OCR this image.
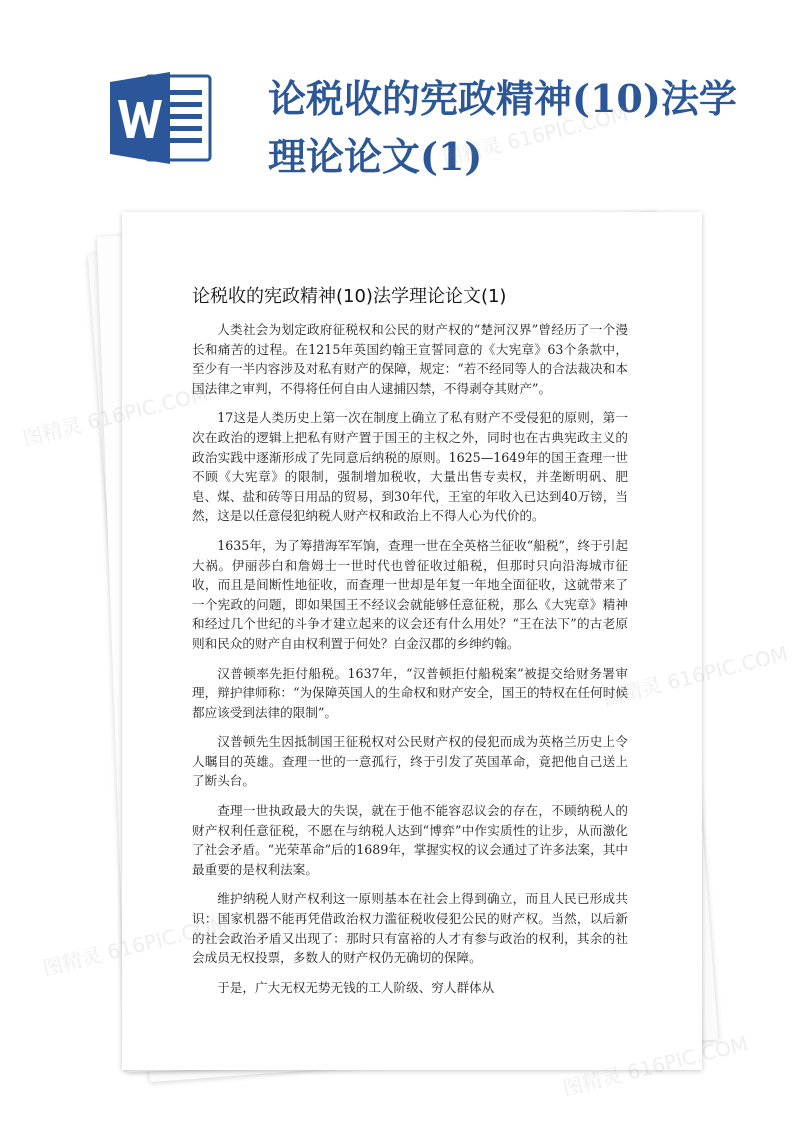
论税收的宪政精神(10)法学理论论文(1)
论税收的宪政精神(10)法学理论论文(1)

人类社会为划定政府征税权和公民的财产权的“楚河汉界”曾经历了一个漫长和痛苦的过程。在1215年英国约翰王宣誓同意的《大宪章》63个条款中，至少有一半内容涉及对私有财产的保障，规定：“若不经同等人的合法裁决和本国法律之审判，不得将任何自由人逮捕囚禁，不得剥夺其财产”。

17这是人类历史上第一次在制度上确立了私有财产不受侵犯的原则，第一次在政治的逻辑上把私有财产置于国王的主权之外，同时也在古典宪政主义的政治实践中逐渐形成了先同意后纳税的原则。1625—1649年的国王查理一世不顾《大宪章》的限制，强制增加税收，大量出售专卖权，并垄断明矾、肥皂、煤、盐和砖等日用品的贸易，到30年代，王室的年收入已达到40万镑，当然，这是以任意侵犯纳税人财产权和政治上不得人心为代价的。

1635年，为了筹措海军军饷，查理一世在全英格兰征收“船税”，终于引起大祸。伊丽莎白和詹姆士一世时代也曾征收过船税，但那时只向沿海城市征收，而且是间断性地征收，而查理一世却是年复一年地全面征收，这就带来了一个宪政的问题，即如果国王不经议会就能够任意征税，那么《大宪章》精神和经过几个世纪的斗争才建立起来的议会还有什么用处？“王在法下”的古老原则和民众的财产自由权利置于何处？白金汉郡的乡绅约翰。

汉普顿率先拒付船税。1637年，“汉普顿拒付船税案”被提交给财务署审理，辩护律师称：“为保障英国人的生命权和财产安全，国王的特权在任何时候都应该受到法律的限制”。

汉普顿先生因抵制国王征税权对公民财产权的侵犯而成为英格兰历史上令人瞩目的英雄。查理一世的一意孤行，终于引发了英国革命，竟把他自己送上了断头台。

查理一世执政最大的失误，就在于他不能容忍议会的存在，不顾纳税人的财产权利任意征税，不愿在与纳税人达到“博弈”中作实质性的让步，从而激化了社会矛盾。“光荣革命”后的1689年，掌握实权的议会通过了许多法案，其中最重要的是权利法案。

维护纳税人财产权利这一原则基本在社会上得到确立，而且人民已形成共识：国家机器不能再凭借政治权力滥征税收侵犯公民的财产权。当然，以后新的社会政治矛盾又出现了：那时只有富裕的人才有参与政治的权利，其余的社会成员无权投票，多数人的财产权仍无确切的保障。

于是，广大无权无势无钱的工人阶级、穷人群体从

图精灵 616PIC.COM
图精灵
616PIC.COM
图精灵
图精灵
